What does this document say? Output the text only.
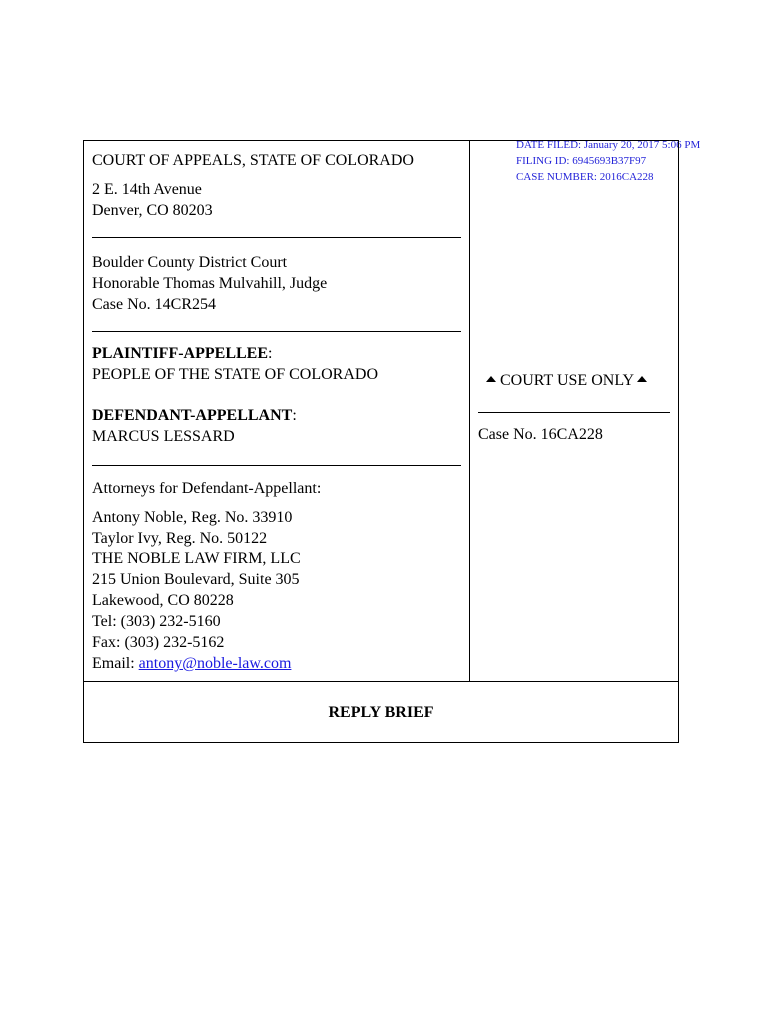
DATE FILED: January 20, 2017 5:06 PM
FILING ID: 6945693B37F97
CASE NUMBER: 2016CA228
COURT OF APPEALS, STATE OF COLORADO
2 E. 14th Avenue
Denver, CO 80203
Boulder County District Court
Honorable Thomas Mulvahill, Judge
Case No. 14CR254
PLAINTIFF-APPELLEE:
PEOPLE OF THE STATE OF COLORADO
DEFENDANT-APPELLANT:
MARCUS LESSARD
Attorneys for Defendant-Appellant:
Antony Noble, Reg. No. 33910
Taylor Ivy, Reg. No. 50122
THE NOBLE LAW FIRM, LLC
215 Union Boulevard, Suite 305
Lakewood, CO 80228
Tel: (303) 232-5160
Fax: (303) 232-5162
Email: antony@noble-law.com
COURT USE ONLY
Case No. 16CA228
REPLY BRIEF
